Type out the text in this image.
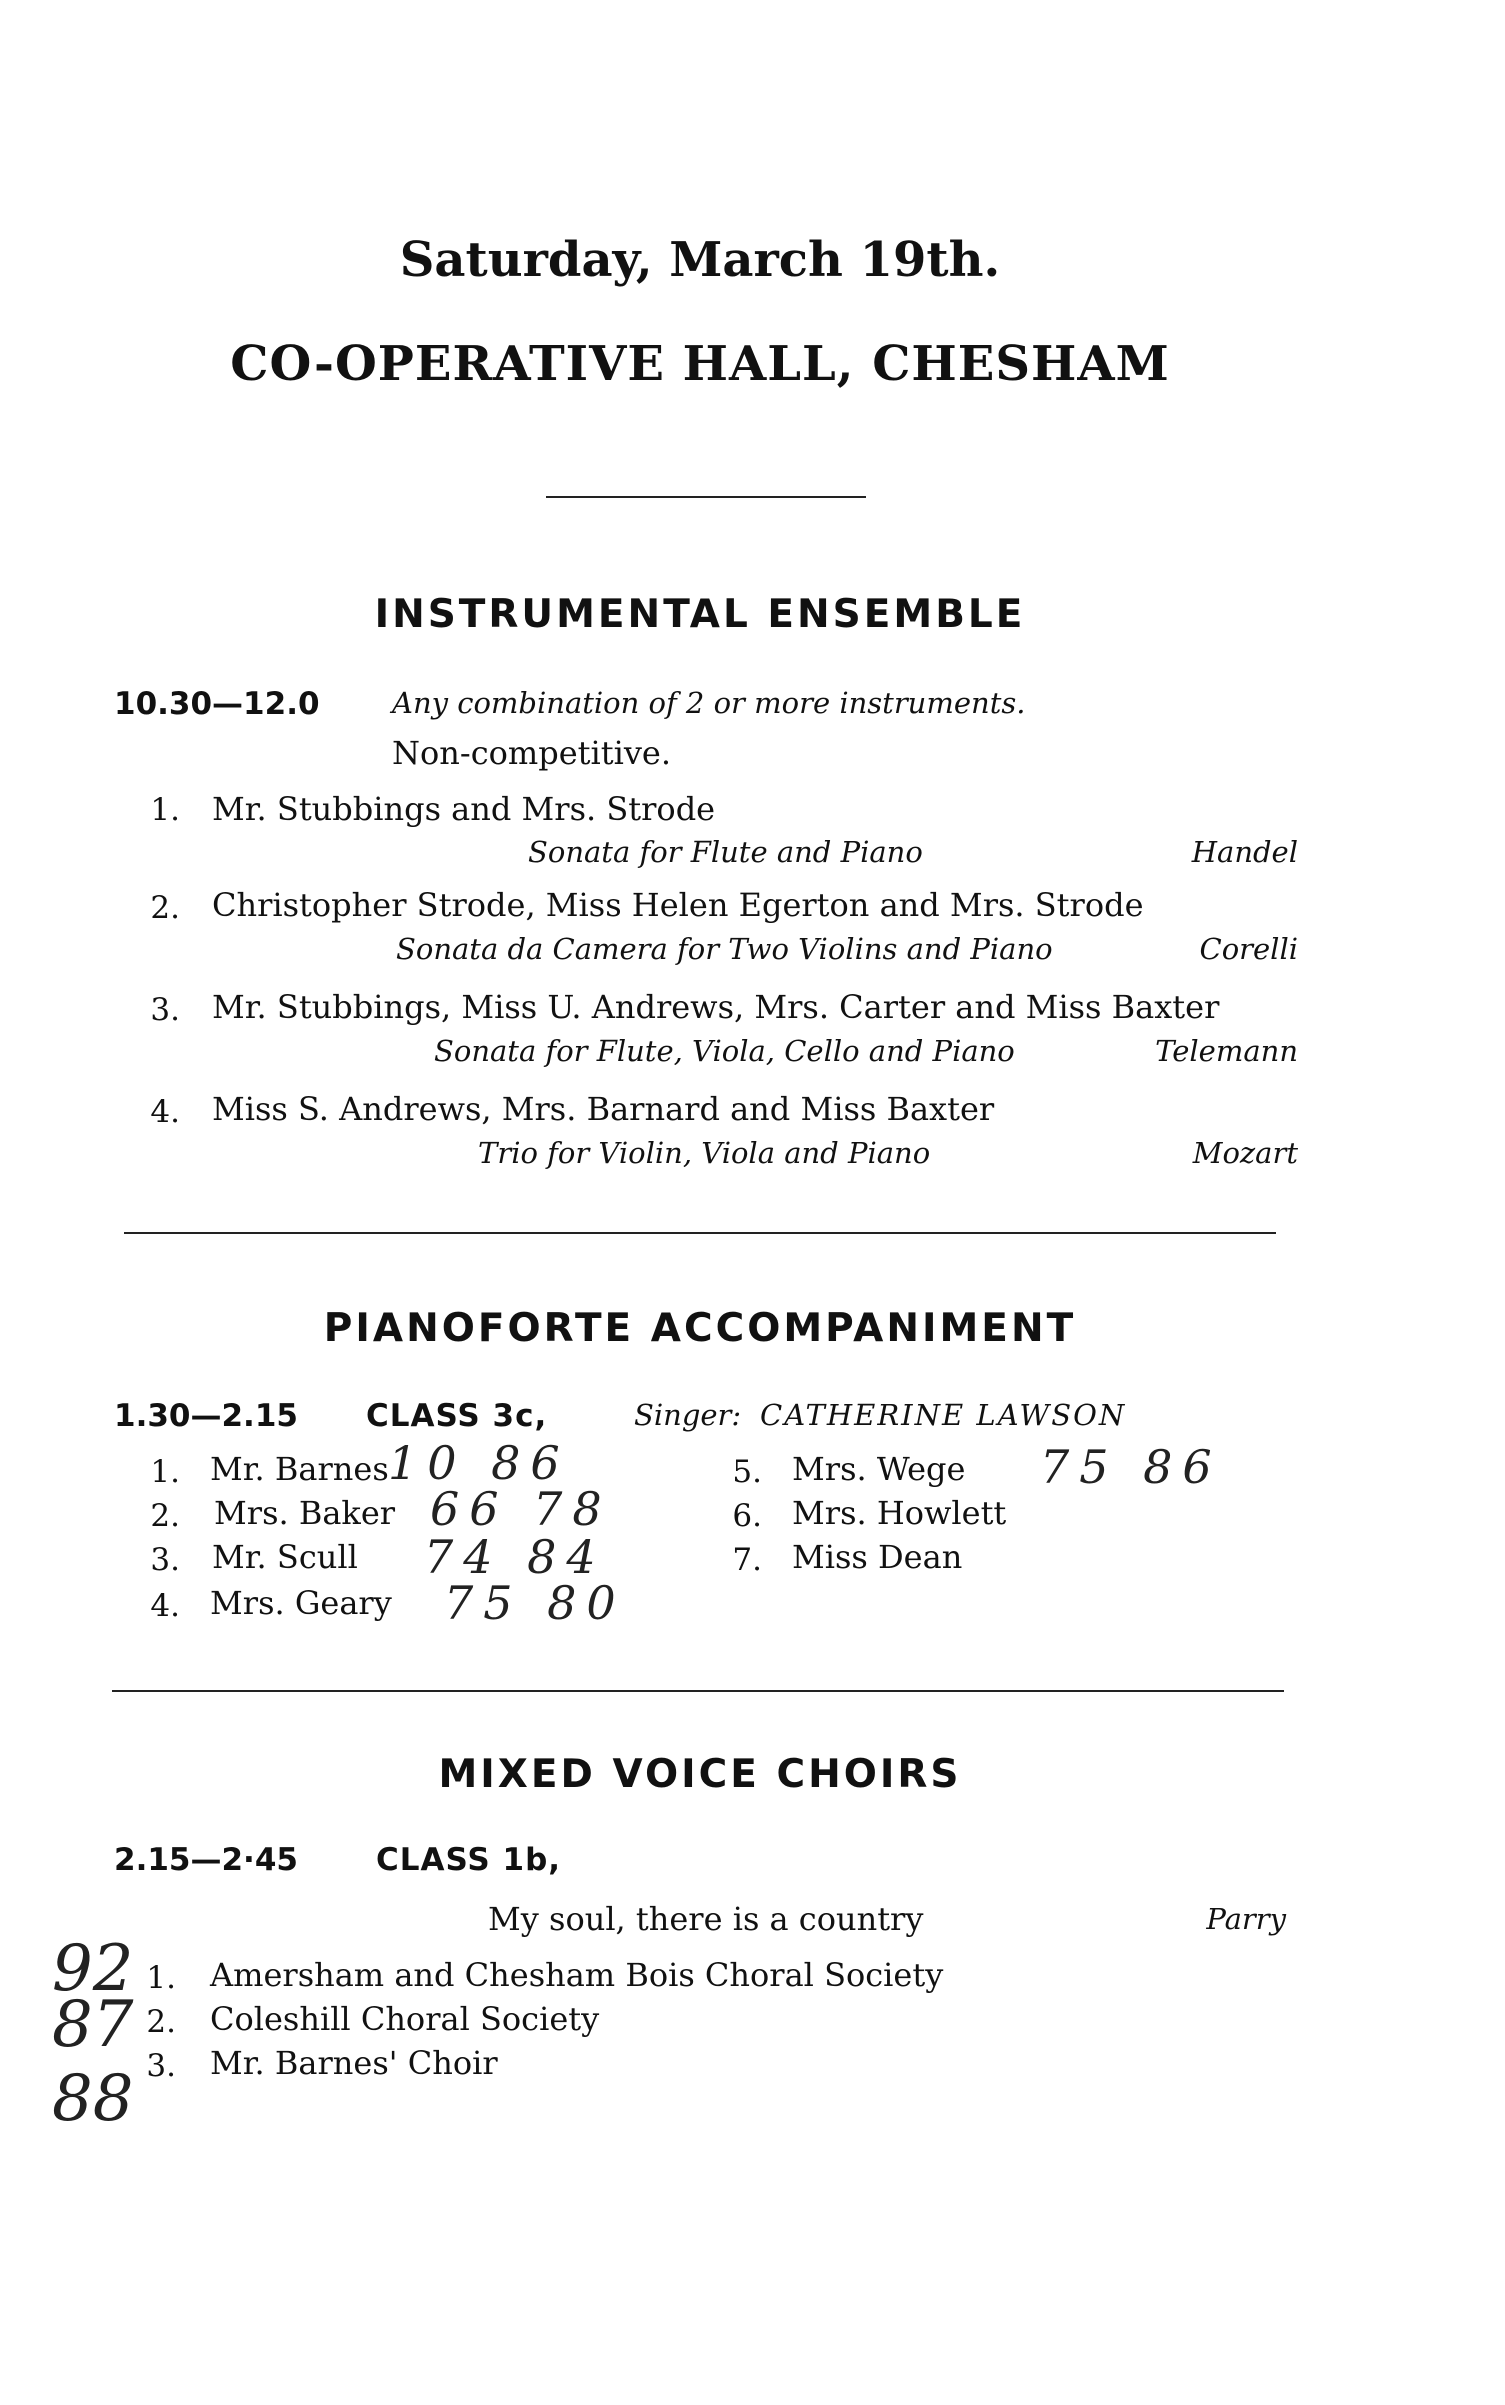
Saturday, March 19th.
CO-OPERATIVE HALL, CHESHAM
INSTRUMENTAL ENSEMBLE
10.30—12.0 Any combination of 2 or more instruments.
Non-competitive.
1. Mr. Stubbings and Mrs. Strode
Sonata for Flute and Piano	Handel
2. Christopher Strode, Miss Helen Egerton and Mrs. Strode
Sonata da Camera for Two Violins and Piano	Corelli
3. Mr. Stubbings, Miss U. Andrews, Mrs. Carter and Miss Baxter
Sonata for Flute, Viola, Cello and Piano	Telemann
4. Miss S. Andrews, Mrs. Barnard and Miss Baxter
Trio for Violin, Viola and Piano	Mozart
PIANOFORTE ACCOMPANIMENT
1.30—2.15 CLASS 3c,	Singer: CATHERINE LAWSON
1. Mr. Barnes 10 86
2. Mrs. Baker 66 78
3. Mr. Scull 74 84
4. Mrs. Geary 75 80
5. Mrs. Wege 75 86
6. Mrs. Howlett
7. Miss Dean
MIXED VOICE CHOIRS
2.15—2·45	CLASS 1b,
My soul, there is a country	Parry
92 1. Amersham and Chesham Bois Choral Society
87 2. Coleshill Choral Society
88 3. Mr. Barnes' Choir
